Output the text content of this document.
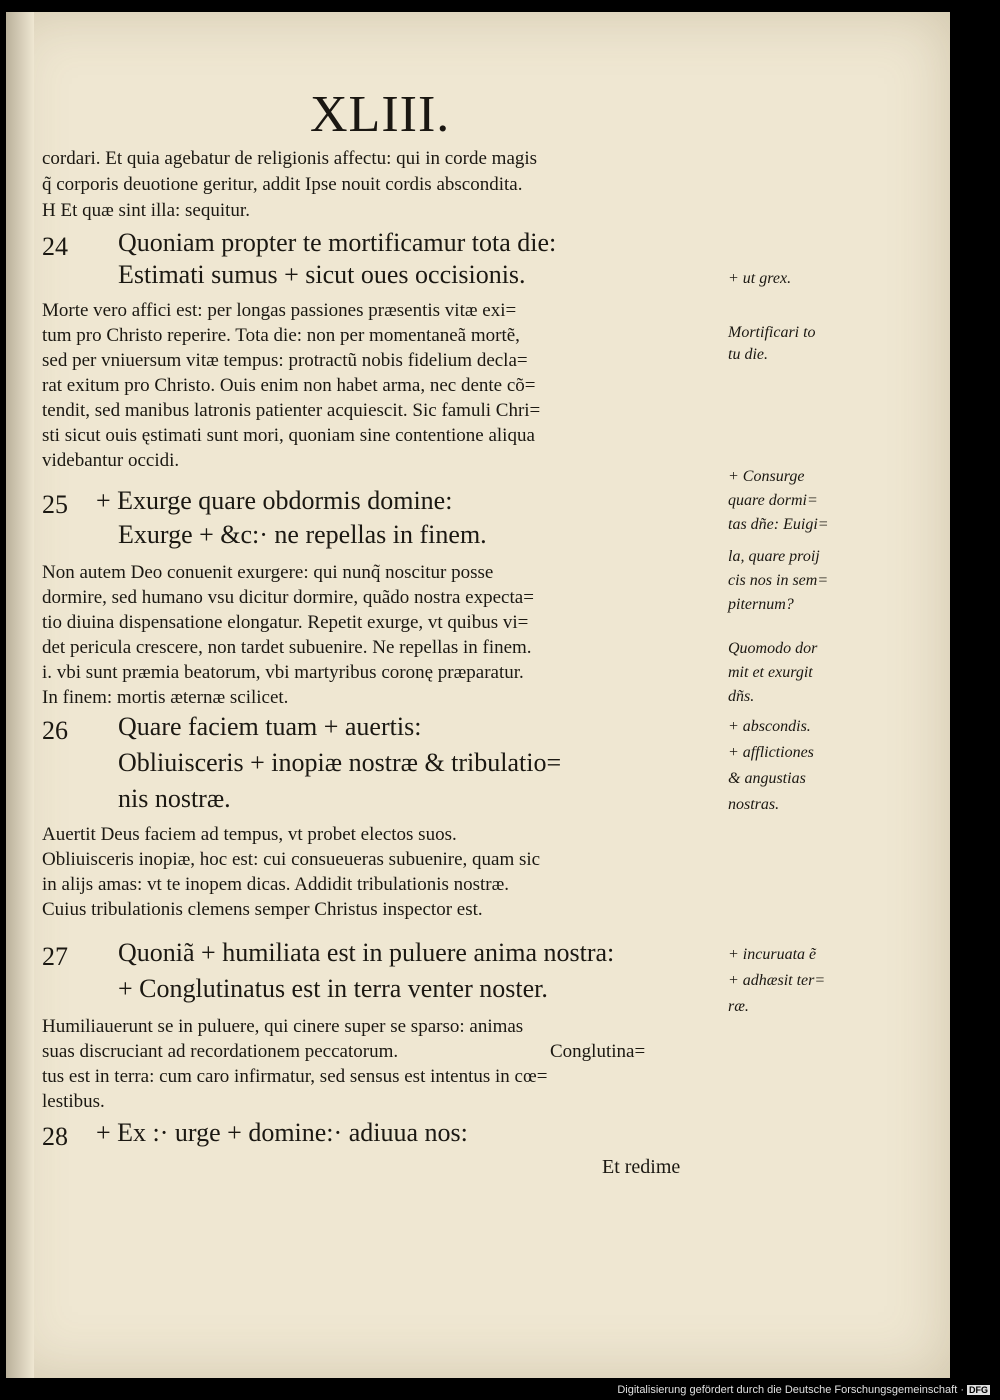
XLIII.
cordari. Et quia agebatur de religionis affectu: qui in corde magis
q̃ corporis deuotione geritur, addit Ipse nouit cordis abscondita.
H Et quæ sint illa: sequitur.
24 Quoniam propter te mortificamur tota die:
Estimati sumus + sicut oues occisionis.
Morte vero affici est: per longas passiones præsentis vitæ exi=
tum pro Christo reperire. Tota die: non per momentaneã mortẽ,
sed per vniuersum vitæ tempus: protractũ nobis fidelium decla=
rat exitum pro Christo. Ouis enim non habet arma, nec dente cõ=
tendit, sed manibus latronis patienter acquiescit. Sic famuli Chri=
sti sicut ouis ęstimati sunt mori, quoniam sine contentione aliqua
videbantur occidi.
25 + Exurge quare obdormis domine:
Exurge + &c:· ne repellas in finem.
Non autem Deo conuenit exurgere: qui nunq̃ noscitur posse
dormire, sed humano vsu dicitur dormire, quãdo nostra expecta=
tio diuina dispensatione elongatur. Repetit exurge, vt quibus vi=
det pericula crescere, non tardet subuenire. Ne repellas in finem.
i. vbi sunt præmia beatorum, vbi martyribus coronę præparatur.
In finem: mortis æternæ scilicet.
26 Quare faciem tuam + auertis:
Obliuisceris + inopiæ nostræ & tribulatio=
nis nostræ.
Auertit Deus faciem ad tempus, vt probet electos suos.
Obliuisceris inopiæ, hoc est: cui consueueras subuenire, quam sic
in alijs amas: vt te inopem dicas. Addidit tribulationis nostræ.
Cuius tribulationis clemens semper Christus inspector est.
27 Quoniã + humiliata est in puluere anima nostra:
+ Conglutinatus est in terra venter noster.
Humiliauerunt se in puluere, qui cinere super se sparso: animas
suas discruciant ad recordationem peccatorum.	Conglutina=
tus est in terra: cum caro infirmatur, sed sensus est intentus in cœ=
lestibus.
28 + Ex :· urge + domine:· adiuua nos:
+ ut grex.
Mortificari to
tu die.
+ Consurge
quare dormi=
tas dñe: Euigi=
la, quare proij
cis nos in sem=
piternum?
Quomodo dor
mit et exurgit
dñs.
+ abscondis.
+ afflictiones
& angustias
nostras.
+ incuruata ẽ
+ adhæsit ter=
ræ.
Et redime
Digitalisierung gefördert durch die Deutsche Forschungsgemeinschaft · DFG
